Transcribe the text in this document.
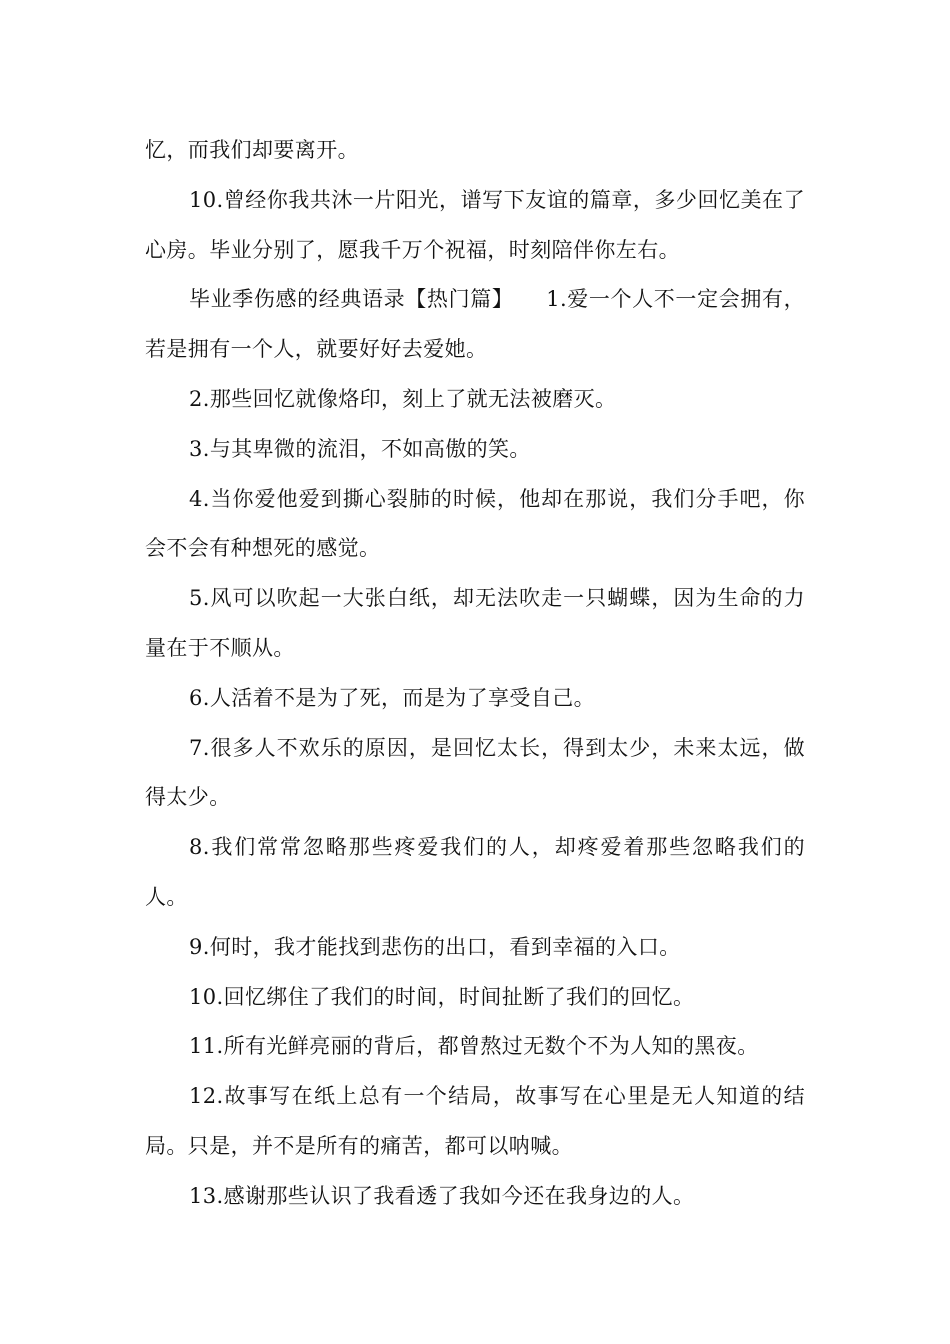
忆，而我们却要离开。

10.曾经你我共沐一片阳光，谱写下友谊的篇章，多少回忆美在了心房。毕业分别了，愿我千万个祝福，时刻陪伴你左右。

毕业季伤感的经典语录【热门篇】　　1.爱一个人不一定会拥有，若是拥有一个人，就要好好去爱她。

2.那些回忆就像烙印，刻上了就无法被磨灭。

3.与其卑微的流泪，不如高傲的笑。

4.当你爱他爱到撕心裂肺的时候，他却在那说，我们分手吧，你会不会有种想死的感觉。

5.风可以吹起一大张白纸，却无法吹走一只蝴蝶，因为生命的力量在于不顺从。

6.人活着不是为了死，而是为了享受自己。

7.很多人不欢乐的原因，是回忆太长，得到太少，未来太远，做得太少。

8.我们常常忽略那些疼爱我们的人，却疼爱着那些忽略我们的人。

9.何时，我才能找到悲伤的出口，看到幸福的入口。

10.回忆绑住了我们的时间，时间扯断了我们的回忆。

11.所有光鲜亮丽的背后，都曾熬过无数个不为人知的黑夜。

12.故事写在纸上总有一个结局，故事写在心里是无人知道的结局。只是，并不是所有的痛苦，都可以呐喊。

13.感谢那些认识了我看透了我如今还在我身边的人。
